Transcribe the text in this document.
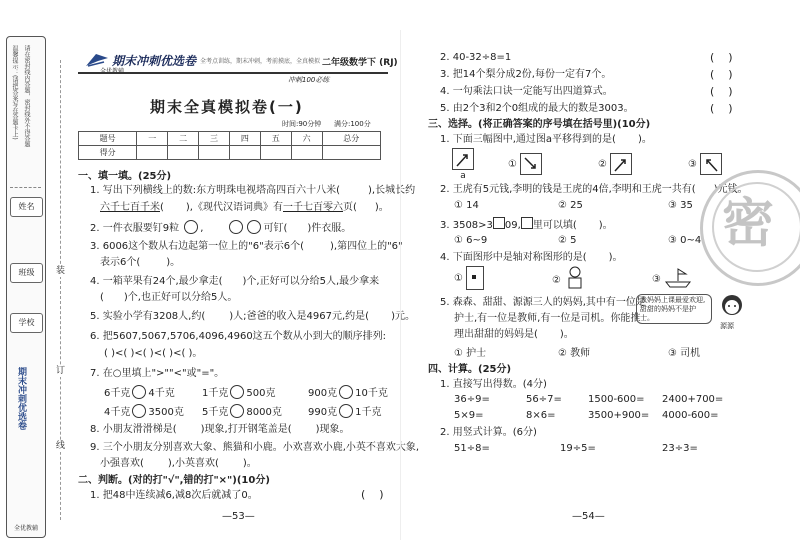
温馨提示：(请把答案写在答题卡上) 请在密封线内答题，密封线外不得答题
姓名
班级
学校
期末冲刺优选卷
全优教辅
装
订
线
期末冲刺优选卷
全优教辅
全考点训练，期末冲刺，考前摸底，全真模拟 二年级数学下 (RJ)
冲刺100必练
期末全真模拟卷(一)
时间:90分钟 满分:100分
题号	一	二	三	四	五	六	总分
得分							
一、填一填。(25分)
1. 写出下列横线上的数:东方明珠电视塔高四百六十八米(	),长城长约
六千七百千米( ),《现代汉语词典》有一千七百零六页( )。
2. 一件衣服要钉9粒 ,	可钉( )件衣服。
3. 6006这个数从右边起第一位上的"6"表示6个(	),第四位上的"6"
表示6个(	)。
4. 一箱苹果有24个,最少拿走( )个,正好可以分给5人,最少拿来
( )个,也正好可以分给5人。
5. 实验小学有3208人,约( )人;爸爸的收入是4967元,约是( )元。
6. 把5607,5067,5706,4096,4960这五个数从小到大的顺序排列:
( )<( )<( )<( )<( )。
7. 在○里填上">""<"或"="。
6千克 4千克	1千克 500克	900克 10千克
4千克 3500克 5千克 8000克	990克 1千克
8. 小朋友滑滑梯是( )现象,打开钢笔盖是( )现象。
9. 三个小朋友分别喜欢大象、熊猫和小鹿。小欢喜欢小鹿,小英不喜欢大象,
小强喜欢( ),小英喜欢( )。
二、判断。(对的打"√",错的打"×")(10分)
1. 把48中连续减6,减8次后就减了0。	(    )
—53—
2. 40-32÷8=1	(    )
3. 把14个梨分成2份,每份一定有7个。	(    )
4. 一句乘法口诀一定能写出四道算式。	(    )
5. 由2个3和2个0组成的最大的数是3003。	(    )
三、选择。(将正确答案的序号填在括号里)(10分)
1. 下面三幅图中,通过图a平移得到的是( )。
a
①	②	③
2. 王虎有5元钱,李明的钱是王虎的4倍,李明和王虎一共有( )元钱。
① 14	② 25	③ 35
3. 3508>3 09, 里可以填( )。
① 6~9	② 5	③ 0~4
4. 下面图形中是轴对称图形的是( )。
①	②	③
5. 森森、甜甜、源源三人的妈妈,其中有一位是
护士,有一位是教师,有一位是司机。你能推
理出甜甜的妈妈是( )。
我妈妈上课最爱欢迎,甜甜的妈妈不是护士。
源源
① 护士	② 教师	③ 司机
四、计算。(25分)
1. 直接写出得数。(4分)
36÷9=	56÷7=	1500-600= 2400+700=
5×9=	8×6=	3500+900= 4000-600=
2. 用竖式计算。(6分)
51÷8=	19÷5=	23÷3=
—54—
密
